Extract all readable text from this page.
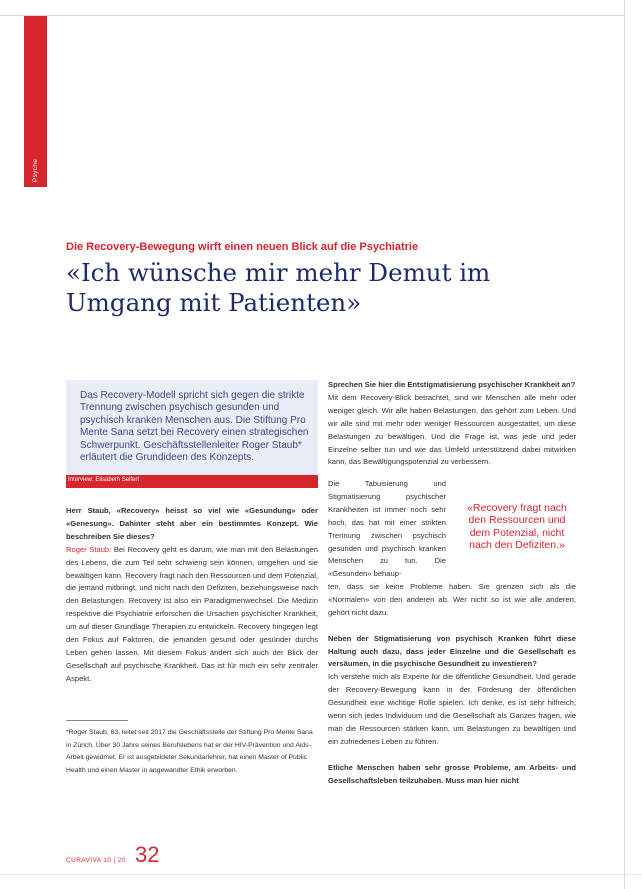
Psyche
Die Recovery-Bewegung wirft einen neuen Blick auf die Psychiatrie
«Ich wünsche mir mehr Demut im Umgang mit Patienten»
Das Recovery-Modell spricht sich gegen die strikte Trennung zwischen psychisch gesunden und psychisch kranken Menschen aus. Die Stiftung Pro Mente Sana setzt bei Recovery einen strategischen Schwerpunkt. Geschäftsstellenleiter Roger Staub* erläutert die Grundideen des Konzepts.
Interview: Elisabeth Seifert
Herr Staub, «Recovery» heisst so viel wie «Gesundung» oder «Genesung». Dahinter steht aber ein bestimmtes Konzept. Wie beschreiben Sie dieses?
Roger Staub: Bei Recovery geht es darum, wie man mit den Belastungen des Lebens, die zum Teil sehr schwierig sein können, umgehen und sie bewältigen kann. Recovery fragt nach den Ressourcen und dem Potenzial, die jemand mitbringt, und nicht nach den Defiziten, beziehungsweise nach den Belastungen. Recovery ist also ein Paradigmenwechsel. Die Medizin respektive die Psychiatrie erforschen die Ursachen psychischer Krankheit, um auf dieser Grundlage Therapien zu entwickeln. Recovery hingegen legt den Fokus auf Faktoren, die jemanden gesund oder gesünder durchs Leben gehen lassen. Mit diesem Fokus ändert sich auch der Blick der Gesellschaft auf psychische Krankheit. Das ist für mich ein sehr zentraler Aspekt.
*Roger Staub, 63, leitet seit 2017 die Geschäftsstelle der Stiftung Pro Mente Sana in Zürich. Über 30 Jahre seines Berufslebens hat er der HIV-Prävention und Aids-Arbeit gewidmet. Er ist ausgebildeter Sekundarlehrer, hat einen Master of Public Health und einen Master in angewandter Ethik erworben.
Sprechen Sie hier die Entstigmatisierung psychischer Krankheit an?
Mit dem Recovery-Blick betrachtet, sind wir Menschen alle mehr oder weniger gleich. Wir alle haben Belastungen, das gehört zum Leben. Und wir alle sind mit mehr oder weniger Ressourcen ausgestattet, um diese Belastungen zu bewältigen. Und die Frage ist, was jede und jeder Einzelne selber tun und wie das Umfeld unterstützend dabei mitwirken kann, das Bewältigungspotenzial zu verbessern.
Die Tabuisierung und Stigmatisierung psychischer Krankheiten ist immer noch sehr hoch, das hat mit einer strikten Trennung zwischen psychisch gesunden und psychisch kranken Menschen zu tun. Die «Gesunden» behaup-
«Recovery fragt nach den Ressourcen und dem Potenzial, nicht nach den Defiziten.»
ten, dass sie keine Probleme haben. Sie grenzen sich als die «Normalen» von den anderen ab. Wer nicht so ist wie alle anderen, gehört nicht dazu.

Neben der Stigmatisierung von psychisch Kranken führt diese Haltung auch dazu, dass jeder Einzelne und die Gesellschaft es versäumen, in die psychische Gesundheit zu investieren?
Ich verstehe mich als Experte für die öffentliche Gesundheit. Und gerade der Recovery-Bewegung kann in der Förderung der öffentlichen Gesundheit eine wichtige Rolle spielen. Ich denke, es ist sehr hilfreich, wenn sich jedes Individuum und die Gesellschaft als Ganzes fragen, wie man die Ressourcen stärken kann, um Belastungen zu bewältigen und ein zufriedenes Leben zu führen.

Etliche Menschen haben sehr grosse Probleme, am Arbeits- und Gesellschaftsleben teilzuhaben. Muss man hier nicht
CURAVIVA 10 | 20 32
